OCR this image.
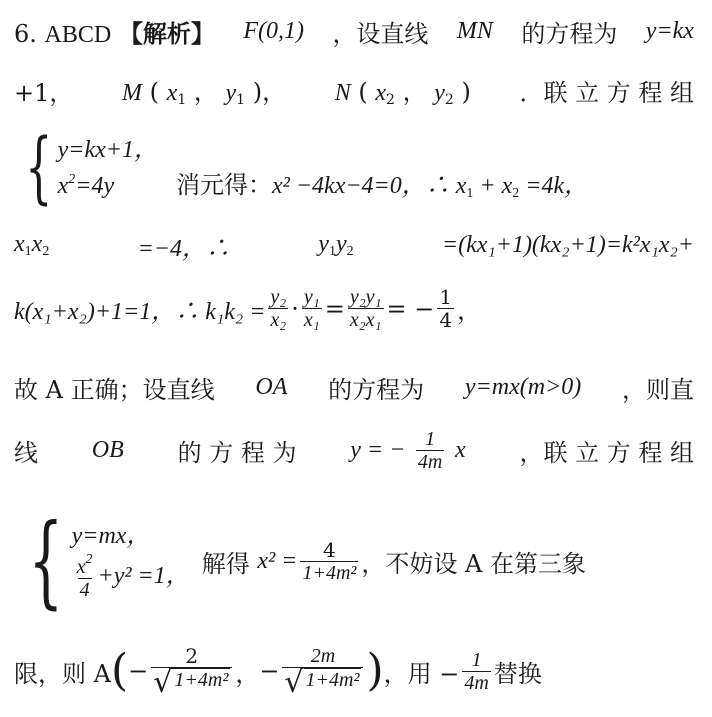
6. ABCD 【解析】 F(0,1) ，设直线 MN 的方程为 y=kx
+1， M ( $x_1$ ， $y_1$ )， N ( $x_2$ ， $y_2$ ) ．联 立 方 程 组
{ y=kx+1，
$x^2=4y$	消元得：x² −4kx−4=0，∴ $x_1 + x_2 =4k$，
$x_1x_2$	=−4，∴	$y_1y_2$	=(kx₁+1)(kx₂+1)=k²x₁x₂+
k(x₁+x₂)+1=1，∴ $k_1k_2 = \frac{\text{y₂}}{\text{x₂}} \cdot \frac{\text{y₁}}{\text{x₁}} = \frac{\text{y₂y₁}}{\text{x₂x₁}}$ = − $\frac{1}{4}$ ，
故 A 正确；设直线 OA 的方程为 y=mx(m>0) ，则直
线 OB 的 方 程 为 y = − $\frac{1}{4m}$ x ，联 立 方 程 组
{ y=mx，
$\frac{x^2}{4} +y^2 =1$， 解得
$x^2 = \frac{4}{\text{1+4m²}}$ ，不妨设 A 在第三象
限，则 A ( − $\frac{2}{\text{√ 1+4m²}}$ ， − $\frac{2m}{\text{√ 1+4m²}}$ ) ，用 − $\frac{1}{4m}$ 替换
